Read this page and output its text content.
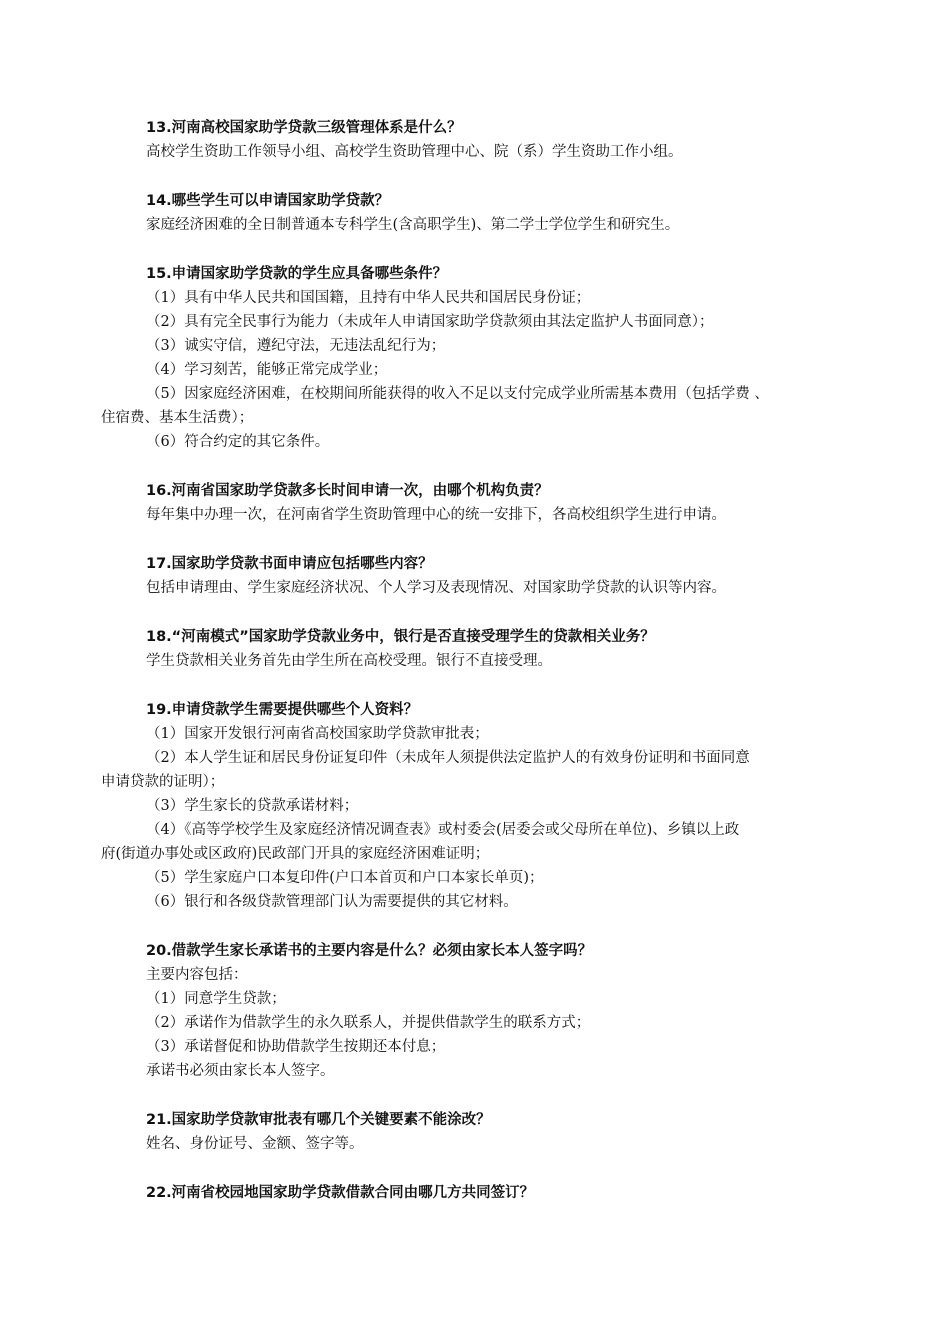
13.河南高校国家助学贷款三级管理体系是什么？
高校学生资助工作领导小组、高校学生资助管理中心、院（系）学生资助工作小组。
14.哪些学生可以申请国家助学贷款？
家庭经济困难的全日制普通本专科学生(含高职学生)、第二学士学位学生和研究生。
15.申请国家助学贷款的学生应具备哪些条件？
（1）具有中华人民共和国国籍，且持有中华人民共和国居民身份证；
（2）具有完全民事行为能力（未成年人申请国家助学贷款须由其法定监护人书面同意）；
（3）诚实守信，遵纪守法，无违法乱纪行为；
（4）学习刻苦，能够正常完成学业；
（5）因家庭经济困难，在校期间所能获得的收入不足以支付完成学业所需基本费用（包括学费 、
住宿费、基本生活费）；
（6）符合约定的其它条件。
16.河南省国家助学贷款多长时间申请一次，由哪个机构负责？
每年集中办理一次，在河南省学生资助管理中心的统一安排下，各高校组织学生进行申请。
17.国家助学贷款书面申请应包括哪些内容？
包括申请理由、学生家庭经济状况、个人学习及表现情况、对国家助学贷款的认识等内容。
18.“河南模式”国家助学贷款业务中，银行是否直接受理学生的贷款相关业务？
学生贷款相关业务首先由学生所在高校受理。银行不直接受理。
19.申请贷款学生需要提供哪些个人资料？
（1）国家开发银行河南省高校国家助学贷款审批表；
（2）本人学生证和居民身份证复印件（未成年人须提供法定监护人的有效身份证明和书面同意
申请贷款的证明）；
（3）学生家长的贷款承诺材料；
（4）《高等学校学生及家庭经济情况调查表》或村委会(居委会或父母所在单位)、乡镇以上政
府(街道办事处或区政府)民政部门开具的家庭经济困难证明；
（5）学生家庭户口本复印件(户口本首页和户口本家长单页)；
（6）银行和各级贷款管理部门认为需要提供的其它材料。
20.借款学生家长承诺书的主要内容是什么？必须由家长本人签字吗？
主要内容包括：
（1）同意学生贷款；
（2）承诺作为借款学生的永久联系人，并提供借款学生的联系方式；
（3）承诺督促和协助借款学生按期还本付息；
承诺书必须由家长本人签字。
21.国家助学贷款审批表有哪几个关键要素不能涂改？
姓名、身份证号、金额、签字等。
22.河南省校园地国家助学贷款借款合同由哪几方共同签订？
